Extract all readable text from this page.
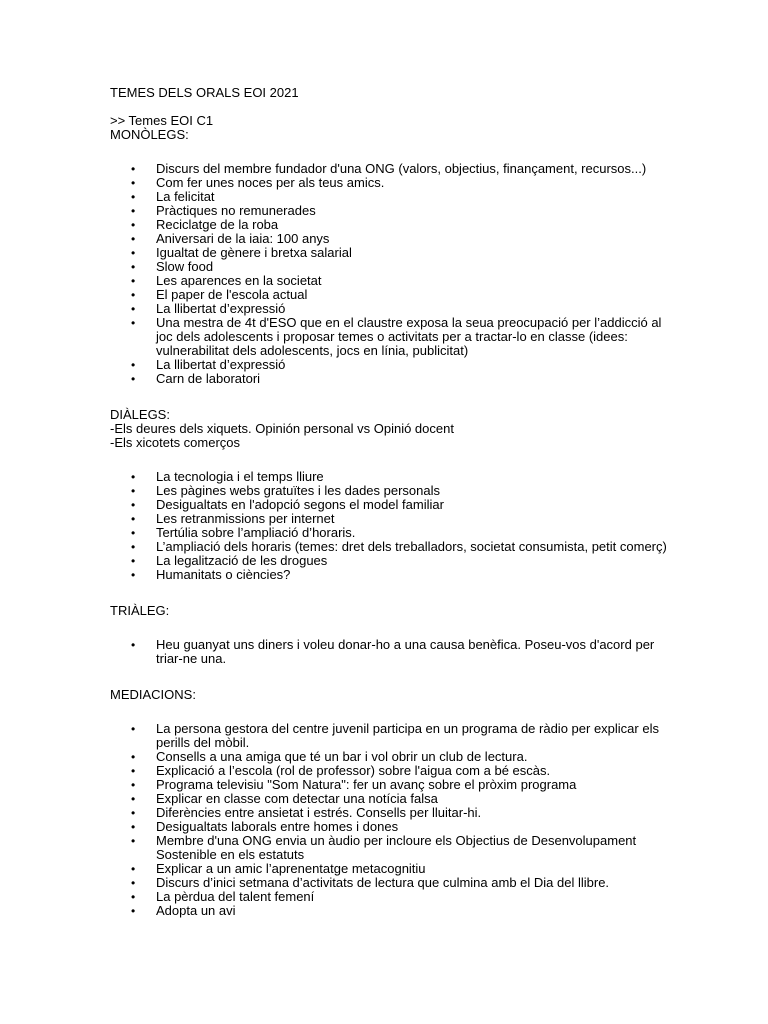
TEMES DELS ORALS EOI 2021

>> Temes EOI C1

MONÒLEGS:

• Discurs del membre fundador d'una ONG (valors, objectius, finançament, recursos...)
• Com fer unes noces per als teus amics.
• La felicitat
• Pràctiques no remunerades
• Reciclatge de la roba
• Aniversari de la iaia: 100 anys
• Igualtat de gènere i bretxa salarial
• Slow food
• Les aparences en la societat
• El paper de l'escola actual
• La llibertat d’expressió
• Una mestra de 4t d'ESO que en el claustre exposa la seua preocupació per l’addicció al joc dels adolescents i proposar temes o activitats per a tractar-lo en classe (idees: vulnerabilitat dels adolescents, jocs en línia, publicitat)
• La llibertat d’expressió
• Carn de laboratori

DIÀLEGS:

-Els deures dels xiquets. Opinión personal vs Opinió docent

-Els xicotets comerços

• La tecnologia i el temps lliure
• Les pàgines webs gratuïtes i les dades personals
• Desigualtats en l'adopció segons el model familiar
• Les retranmissions per internet
• Tertúlia sobre l’ampliació d’horaris.
• L’ampliació dels horaris (temes: dret dels treballadors, societat consumista, petit comerç)
• La legalització de les drogues
• Humanitats o ciències?

TRIÀLEG:

• Heu guanyat uns diners i voleu donar-ho a una causa benèfica. Poseu-vos d'acord per triar-ne una.

MEDIACIONS:

• La persona gestora del centre juvenil participa en un programa de ràdio per explicar els perills del mòbil.
• Consells a una amiga que té un bar i vol obrir un club de lectura.
• Explicació a l’escola (rol de professor) sobre l'aigua com a bé escàs.
• Programa televisiu "Som Natura": fer un avanç sobre el pròxim programa
• Explicar en classe com detectar una notícia falsa
• Diferències entre ansietat i estrés. Consells per lluitar-hi.
• Desigualtats laborals entre homes i dones
• Membre d'una ONG envia un àudio per incloure els Objectius de Desenvolupament Sostenible en els estatuts
• Explicar a un amic l’aprenentatge metacognitiu
• Discurs d’inici setmana d’activitats de lectura que culmina amb el Dia del llibre.
• La pèrdua del talent femení
• Adopta un avi
